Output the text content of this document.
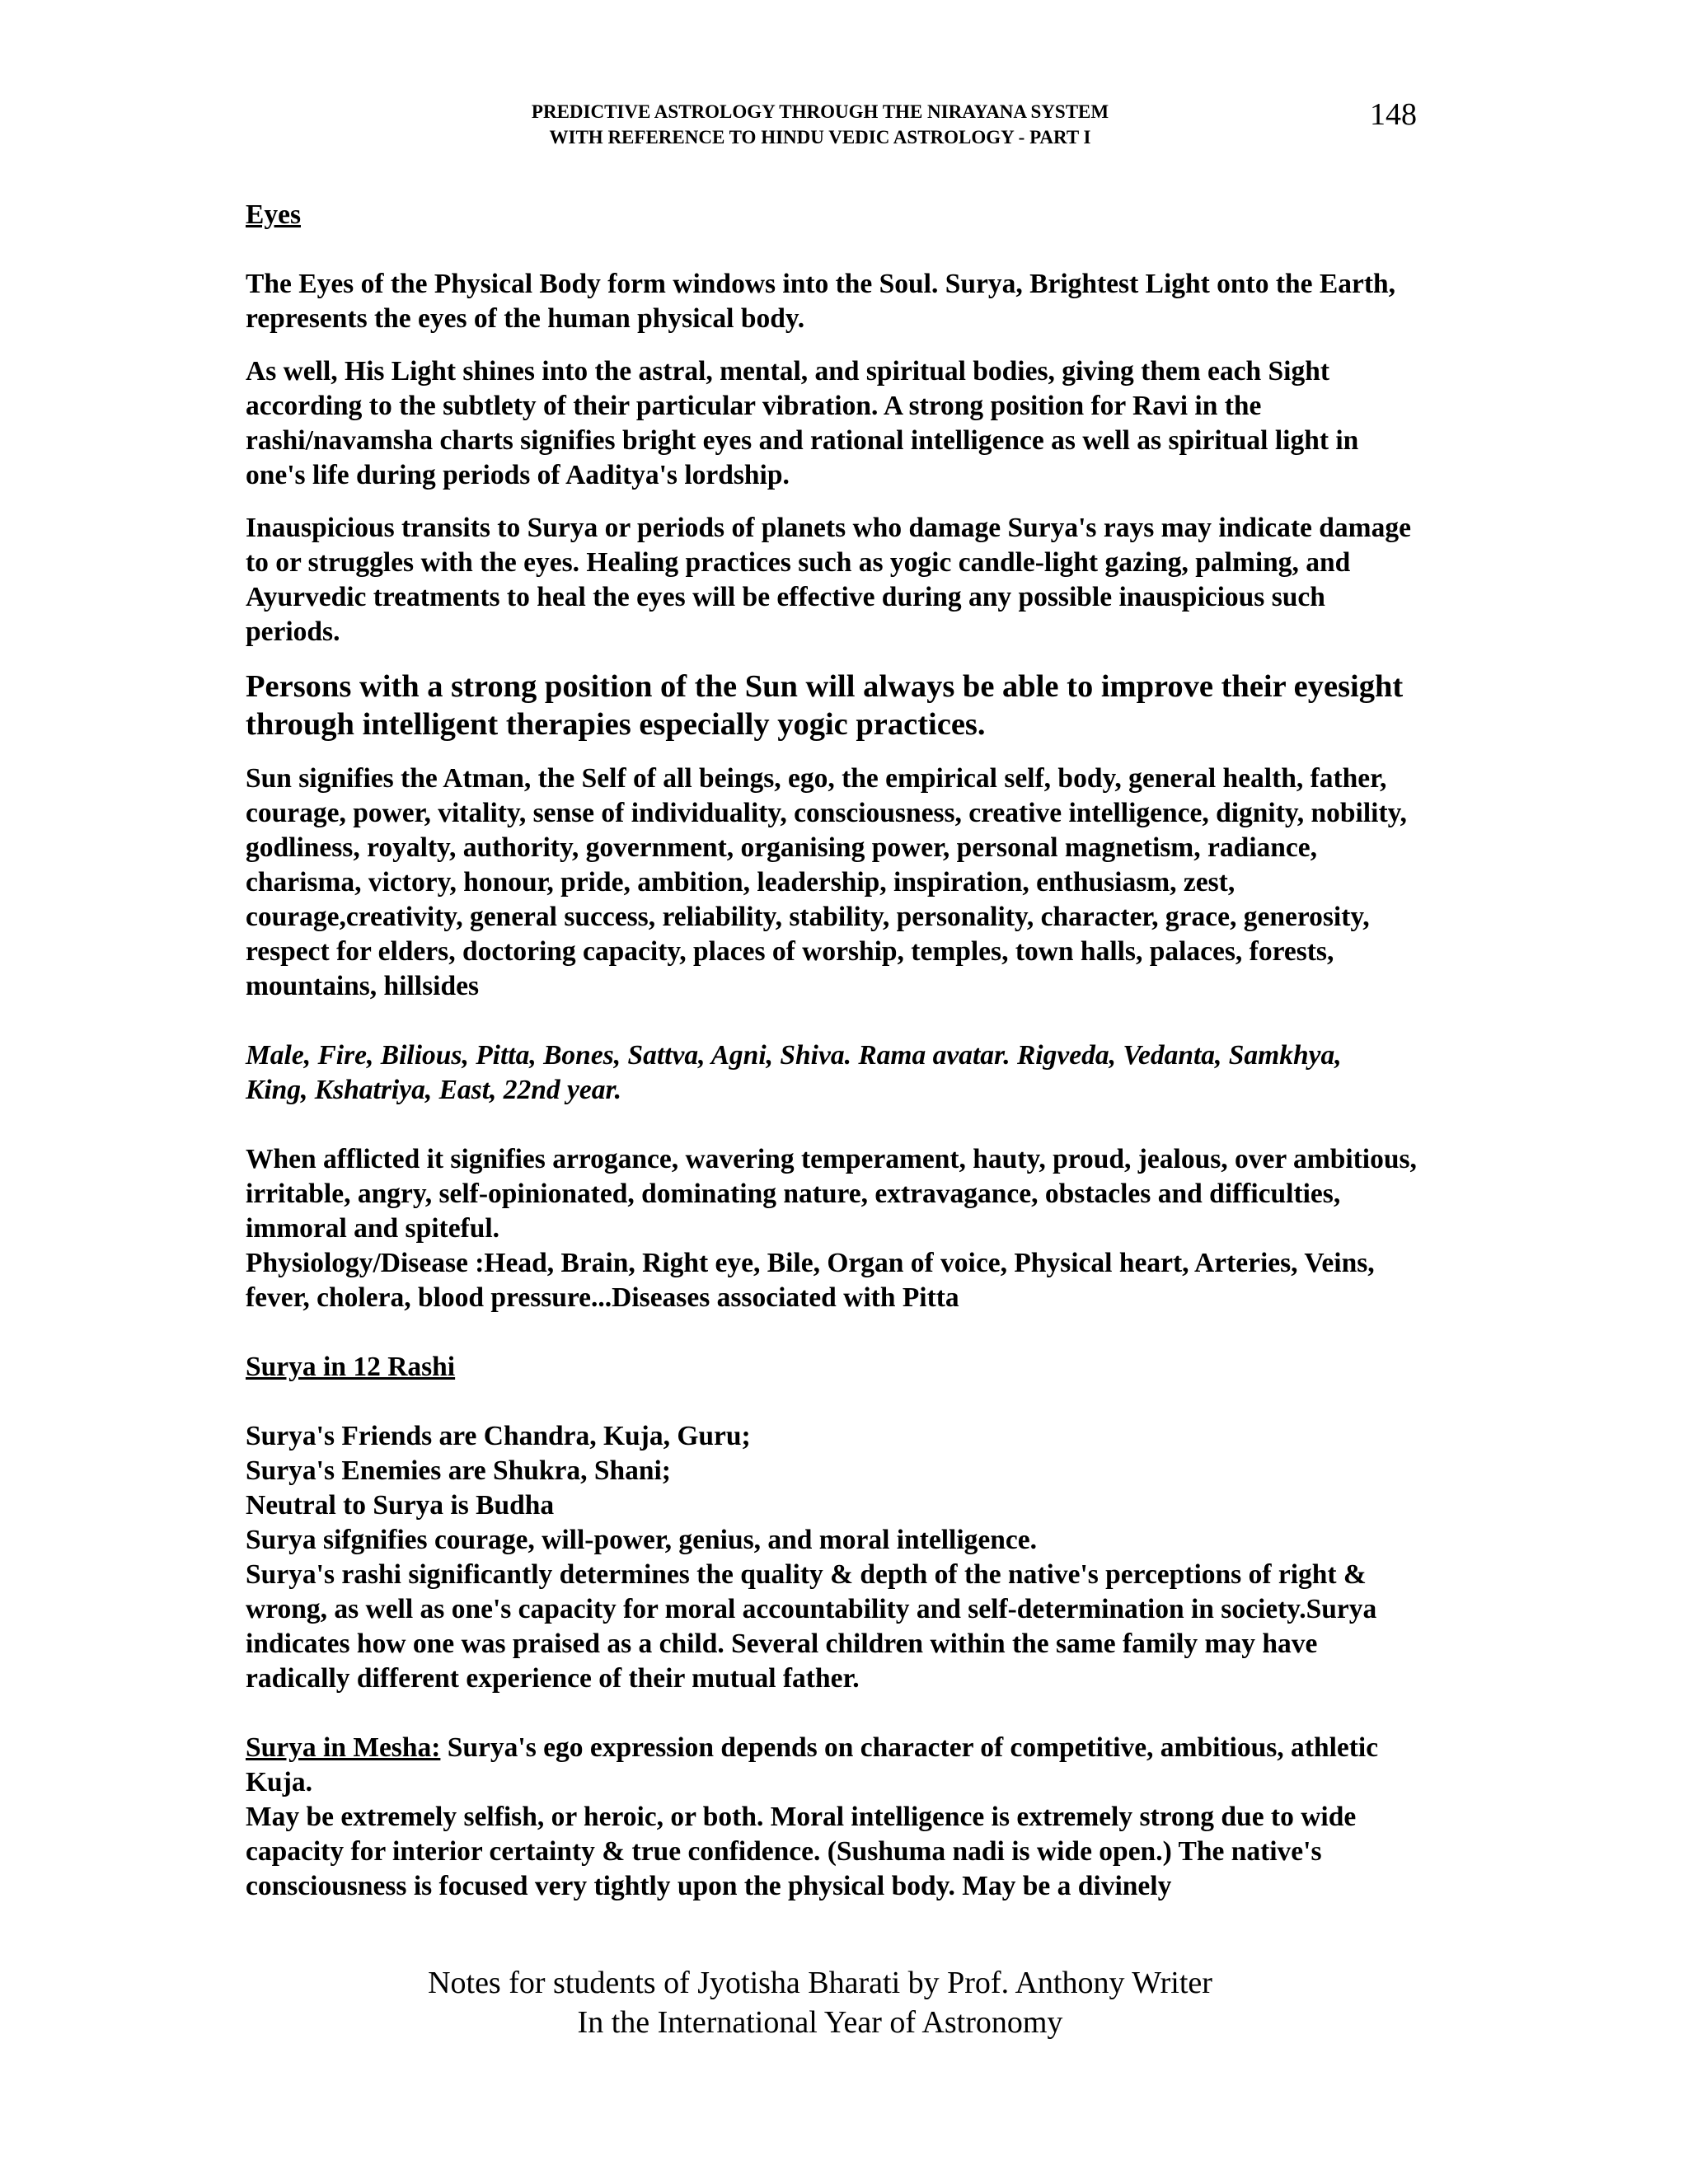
PREDICTIVE ASTROLOGY THROUGH THE NIRAYANA SYSTEM
WITH REFERENCE TO HINDU VEDIC ASTROLOGY - PART I
148

Eyes

The Eyes of the Physical Body form windows into the Soul. Surya, Brightest Light onto the Earth, represents the eyes of the human physical body.

As well, His Light shines into the astral, mental, and spiritual bodies, giving them each Sight according to the subtlety of their particular vibration. A strong position for Ravi in the rashi/navamsha charts signifies bright eyes and rational intelligence as well as spiritual light in one's life during periods of Aaditya's lordship.

Inauspicious transits to Surya or periods of planets who damage Surya's rays may indicate damage to or struggles with the eyes. Healing practices such as yogic candle-light gazing, palming, and Ayurvedic treatments to heal the eyes will be effective during any possible inauspicious such periods.

Persons with a strong position of the Sun will always be able to improve their eyesight through intelligent therapies especially yogic practices.

Sun signifies the Atman, the Self of all beings, ego, the empirical self, body, general health, father, courage, power, vitality, sense of individuality, consciousness, creative intelligence, dignity, nobility, godliness, royalty, authority, government, organising power, personal magnetism, radiance, charisma, victory, honour, pride, ambition, leadership, inspiration, enthusiasm, zest, courage,creativity, general success, reliability, stability, personality, character, grace, generosity, respect for elders, doctoring capacity, places of worship, temples, town halls, palaces, forests, mountains, hillsides

Male, Fire, Bilious, Pitta, Bones, Sattva, Agni, Shiva. Rama avatar. Rigveda, Vedanta, Samkhya,

King, Kshatriya, East, 22nd year.

When afflicted it signifies arrogance, wavering temperament, hauty, proud, jealous, over ambitious, irritable, angry, self-opinionated, dominating nature, extravagance, obstacles and difficulties, immoral and spiteful.

Physiology/Disease :Head, Brain, Right eye, Bile, Organ of voice, Physical heart, Arteries, Veins, fever, cholera, blood pressure...Diseases associated with Pitta

Surya in 12 Rashi

Surya's Friends are Chandra, Kuja, Guru;

Surya's Enemies are Shukra, Shani;

Neutral to Surya is Budha

Surya sifgnifies courage, will-power, genius, and moral intelligence.

Surya's rashi significantly determines the quality & depth of the native's perceptions of right & wrong, as well as one's capacity for moral accountability and self-determination in society.Surya indicates how one was praised as a child. Several children within the same family may have radically different experience of their mutual father.

Surya in Mesha: Surya's ego expression depends on character of competitive, ambitious, athletic Kuja.

May be extremely selfish, or heroic, or both. Moral intelligence is extremely strong due to wide capacity for interior certainty & true confidence. (Sushuma nadi is wide open.) The native's consciousness is focused very tightly upon the physical body. May be a divinely

Notes for students of Jyotisha Bharati by Prof. Anthony Writer
In the International Year of Astronomy
